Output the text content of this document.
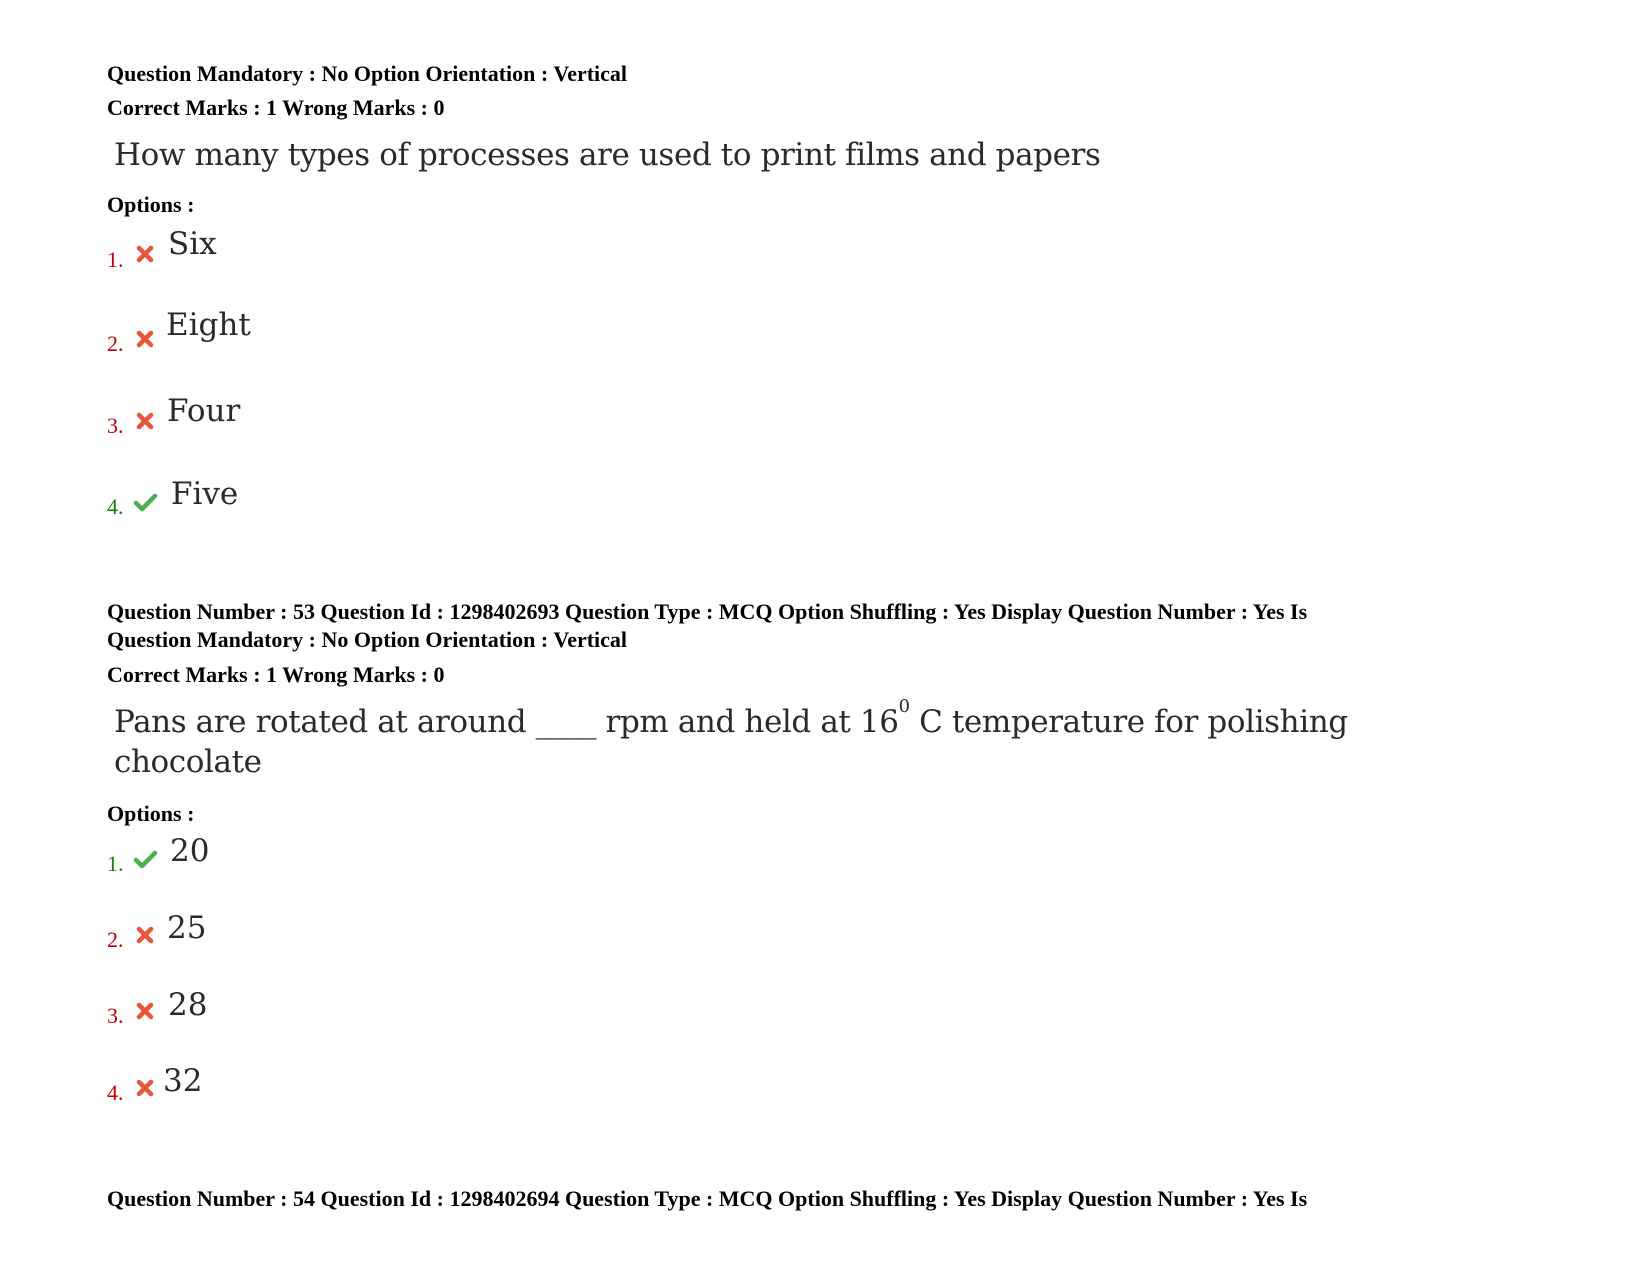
Question Mandatory : No Option Orientation : Vertical
Correct Marks : 1 Wrong Marks : 0
How many types of processes are used to print films and papers
Options :
1. Six
2.
Eight
3. Four
4. Five
Question Number : 53 Question Id : 1298402693 Question Type : MCQ Option Shuffling : Yes Display Question Number : Yes Is
Question Mandatory : No Option Orientation : Vertical
Correct Marks : 1 Wrong Marks : 0
Pans are rotated at around ____ rpm and held at $16^0$ C temperature for polishing
chocolate
Options :
1. 20
2. 25
3. 28
4. 32
Question Number : 54 Question Id : 1298402694 Question Type : MCQ Option Shuffling : Yes Display Question Number : Yes Is
